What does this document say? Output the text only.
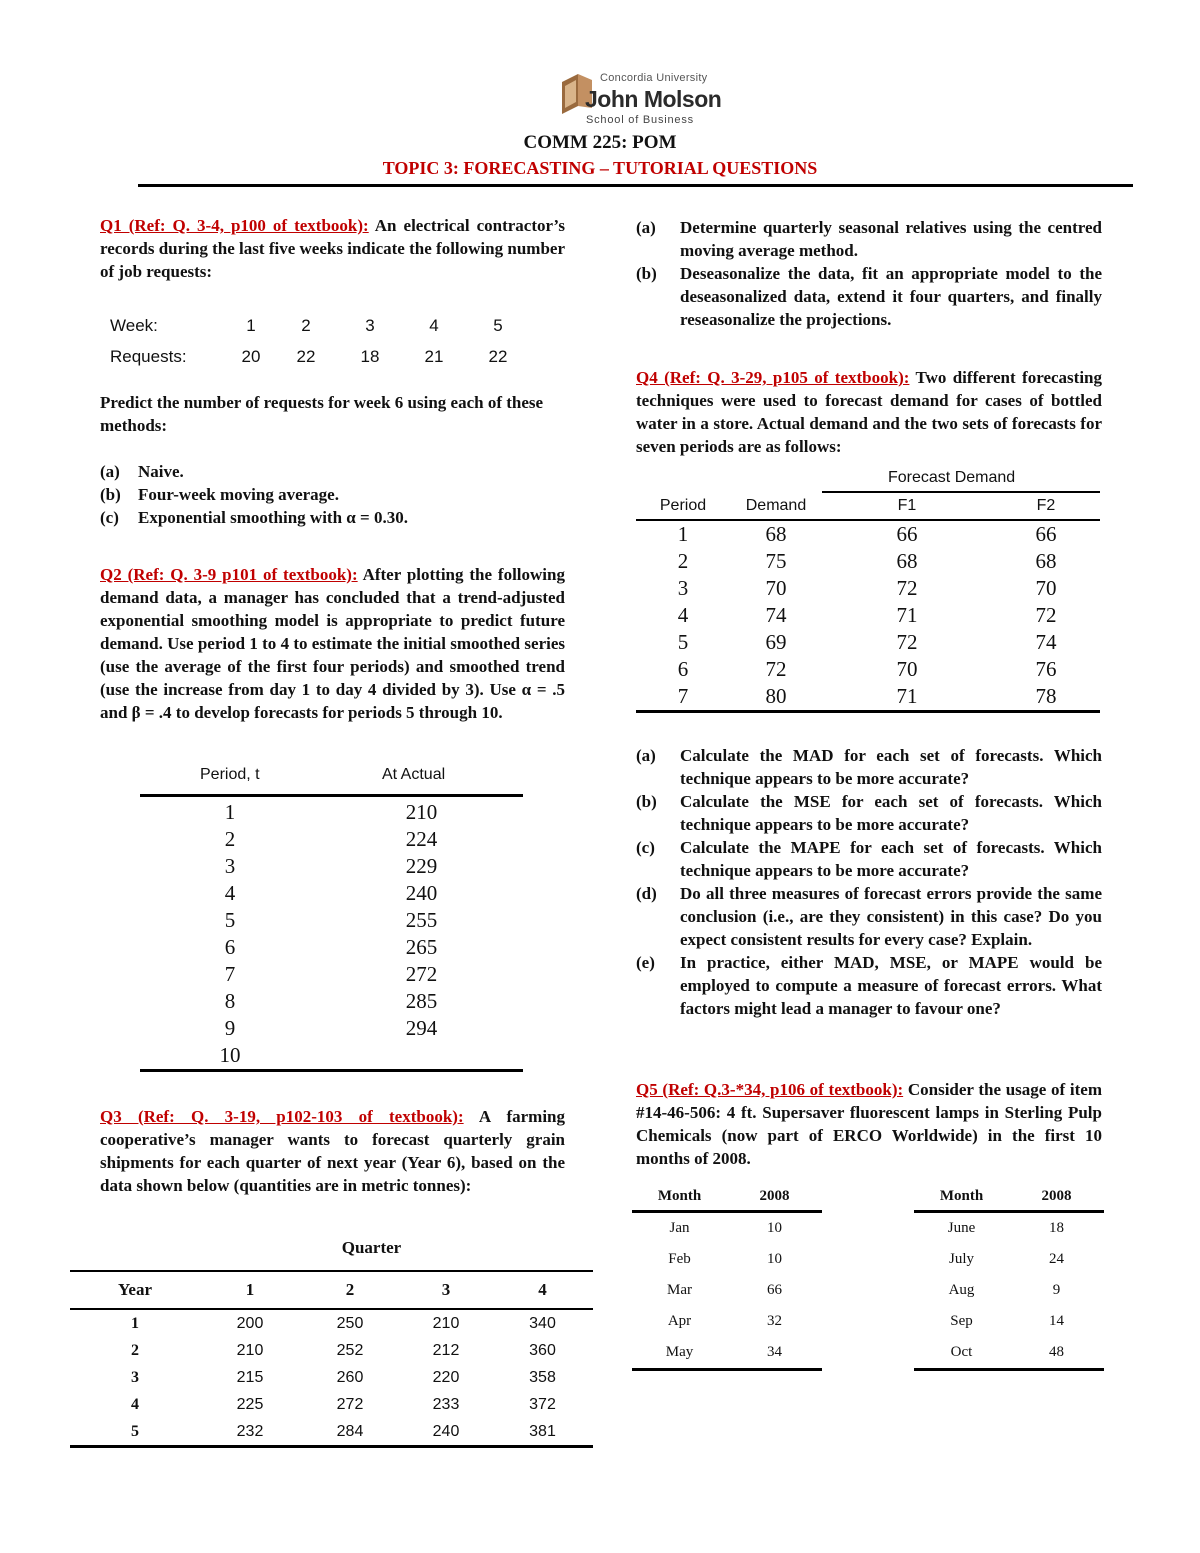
Concordia University
John Molson
School of Business
COMM 225: POM
TOPIC 3: FORECASTING – TUTORIAL QUESTIONS
Q1 (Ref: Q. 3-4, p100 of textbook): An electrical contractor’s records during the last five weeks indicate the following number of job requests:
Week:	1	2	3	4	5
Requests:	20	22	18	21	22
Predict the number of requests for week 6 using each of these methods:
(a) Naive.
(b) Four-week moving average.
(c) Exponential smoothing with α = 0.30.
Q2 (Ref: Q. 3-9 p101 of textbook): After plotting the following demand data, a manager has concluded that a trend-adjusted exponential smoothing model is appropriate to predict future demand. Use period 1 to 4 to estimate the initial smoothed series (use the average of the first four periods) and smoothed trend (use the increase from day 1 to day 4 divided by 3). Use α = .5 and β = .4 to develop forecasts for periods 5 through 10.
Period, t	At Actual
1	210
2	224
3	229
4	240
5	255
6	265
7	272
8	285
9	294
10	
Q3 (Ref: Q. 3-19, p102-103 of textbook): A farming cooperative’s manager wants to forecast quarterly grain shipments for each quarter of next year (Year 6), based on the data shown below (quantities are in metric tonnes):
Quarter
Year	1	2	3	4
1	200	250	210	340
2	210	252	212	360
3	215	260	220	358
4	225	272	233	372
5	232	284	240	381
(a) Determine quarterly seasonal relatives using the centred moving average method.
(b) Deseasonalize the data, fit an appropriate model to the deseasonalized data, extend it four quarters, and finally reseasonalize the projections.
Q4 (Ref: Q. 3-29, p105 of textbook): Two different forecasting techniques were used to forecast demand for cases of bottled water in a store. Actual demand and the two sets of forecasts for seven periods are as follows:
Forecast Demand
Period	Demand	F1	F2
1	68	66	66
2	75	68	68
3	70	72	70
4	74	71	72
5	69	72	74
6	72	70	76
7	80	71	78
(a) Calculate the MAD for each set of forecasts. Which technique appears to be more accurate?
(b) Calculate the MSE for each set of forecasts. Which technique appears to be more accurate?
(c) Calculate the MAPE for each set of forecasts. Which technique appears to be more accurate?
(d) Do all three measures of forecast errors provide the same conclusion (i.e., are they consistent) in this case? Do you expect consistent results for every case? Explain.
(e) In practice, either MAD, MSE, or MAPE would be employed to compute a measure of forecast errors. What factors might lead a manager to favour one?
Q5 (Ref: Q.3-*34, p106 of textbook): Consider the usage of item #14-46-506: 4 ft. Supersaver fluorescent lamps in Sterling Pulp Chemicals (now part of ERCO Worldwide) in the first 10 months of 2008.
Month	2008
Jan	10
Feb	10
Mar	66
Apr	32
May	34
Month	2008
June	18
July	24
Aug	9
Sep	14
Oct	48
